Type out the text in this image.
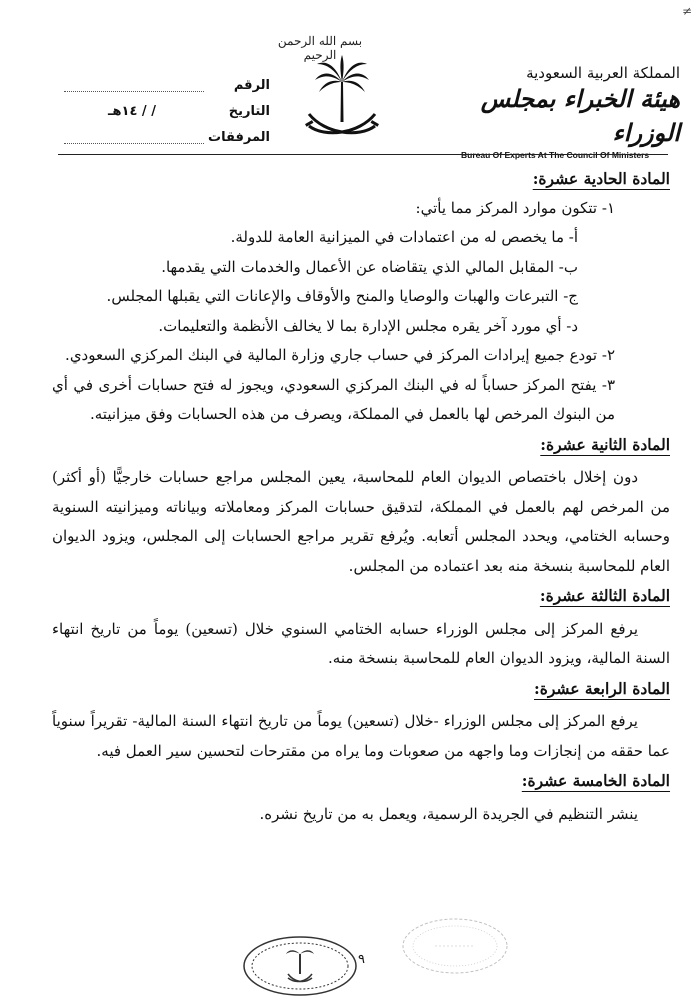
≠
بسم الله الرحمن الرحيم
الرقم
التاريخ
/ / ١٤هـ
المرفقات
المملكة العربية السعودية
هيئة الخبراء بمجلس الوزراء
Bureau Of Experts At The Council Of Ministers
المادة الحادية عشرة:
١- تتكون موارد المركز مما يأتي:
أ- ما يخصص له من اعتمادات في الميزانية العامة للدولة.
ب- المقابل المالي الذي يتقاضاه عن الأعمال والخدمات التي يقدمها.
ج- التبرعات والهبات والوصايا والمنح والأوقاف والإعانات التي يقبلها المجلس.
د- أي مورد آخر يقره مجلس الإدارة بما لا يخالف الأنظمة والتعليمات.
٢- تودع جميع إيرادات المركز في حساب جاري وزارة المالية في البنك المركزي السعودي.
٣- يفتح المركز حساباً له في البنك المركزي السعودي، ويجوز له فتح حسابات أخرى في أي من البنوك المرخص لها بالعمل في المملكة، ويصرف من هذه الحسابات وفق ميزانيته.
المادة الثانية عشرة:
دون إخلال باختصاص الديوان العام للمحاسبة، يعين المجلس مراجع حسابات خارجيًّا (أو أكثر) من المرخص لهم بالعمل في المملكة، لتدقيق حسابات المركز ومعاملاته وبياناته وميزانيته السنوية وحسابه الختامي، ويحدد المجلس أتعابه. ويُرفع تقرير مراجع الحسابات إلى المجلس، ويزود الديوان العام للمحاسبة بنسخة منه بعد اعتماده من المجلس.
المادة الثالثة عشرة:
يرفع المركز إلى مجلس الوزراء حسابه الختامي السنوي خلال (تسعين) يوماً من تاريخ انتهاء السنة المالية، ويزود الديوان العام للمحاسبة بنسخة منه.
المادة الرابعة عشرة:
يرفع المركز إلى مجلس الوزراء -خلال (تسعين) يوماً من تاريخ انتهاء السنة المالية- تقريراً سنوياً عما حققه من إنجازات وما واجهه من صعوبات وما يراه من مقترحات لتحسين سير العمل فيه.
المادة الخامسة عشرة:
ينشر التنظيم في الجريدة الرسمية، ويعمل به من تاريخ نشره.
٩
